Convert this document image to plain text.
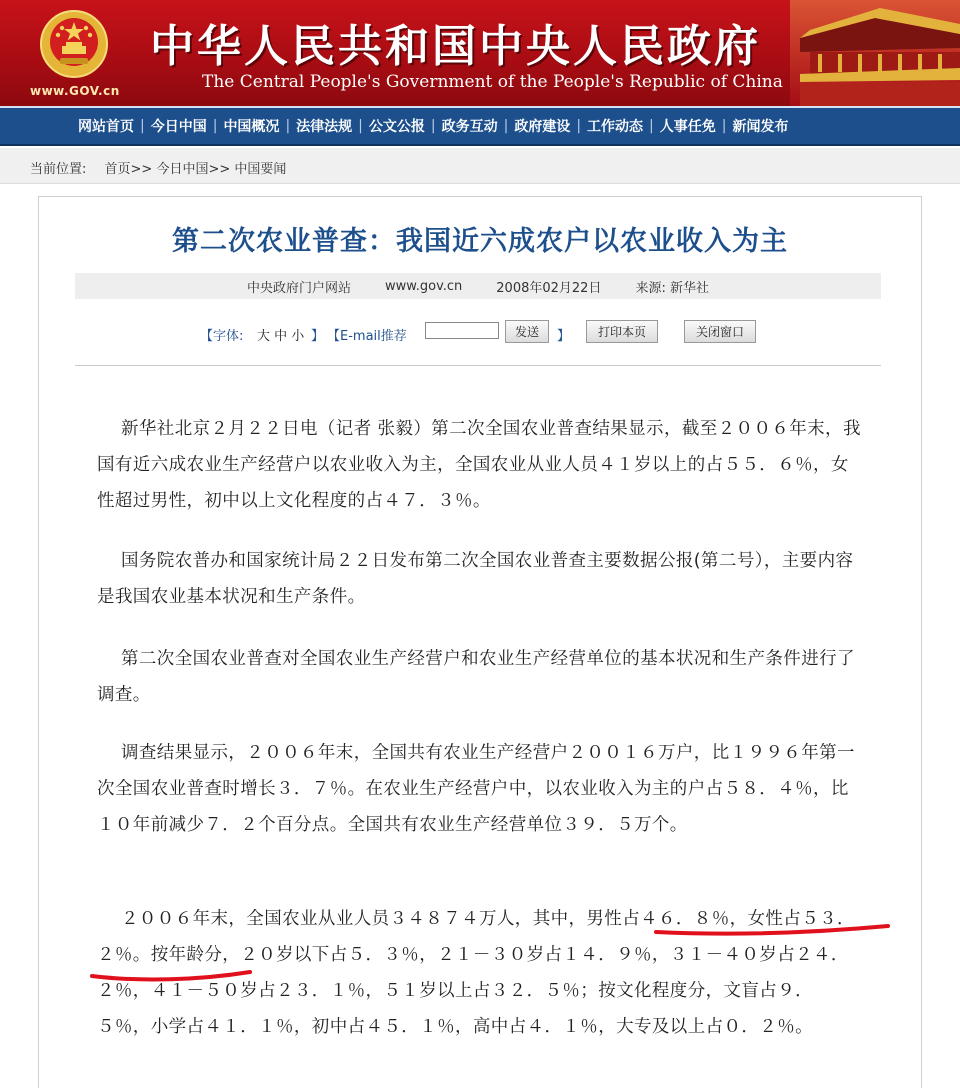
www.GOV.cn
中华人民共和国中央人民政府
The Central People's Government of the People's Republic of China
网站首页 | 今日中国 | 中国概况 | 法律法规 | 公文公报 | 政务互动 | 政府建设 | 工作动态 | 人事任免 | 新闻发布
当前位置: 首页>> 今日中国>> 中国要闻
第二次农业普查：我国近六成农户以农业收入为主
中央政府门户网站	www.gov.cn	2008年02月22日	来源: 新华社
【字体: 大 中 小 】 【E-mail推荐	发送	】	打印本页	关闭窗口
新华社北京２月２２日电（记者 张毅）第二次全国农业普查结果显示，截至２００６年末，我国有近六成农业生产经营户以农业收入为主，全国农业从业人员４１岁以上的占５５．６％，女性超过男性，初中以上文化程度的占４７．３％。
国务院农普办和国家统计局２２日发布第二次全国农业普查主要数据公报(第二号），主要内容是我国农业基本状况和生产条件。
第二次全国农业普查对全国农业生产经营户和农业生产经营单位的基本状况和生产条件进行了调查。
调查结果显示，２００６年末，全国共有农业生产经营户２００１６万户，比１９９６年第一次全国农业普查时增长３．７％。在农业生产经营户中，以农业收入为主的户占５８．４％，比１０年前减少７．２个百分点。全国共有农业生产经营单位３９．５万个。
２００６年末，全国农业从业人员３４８７４万人，其中，男性占４６．８％，女性占５３．２％。按年龄分，２０岁以下占５．３％，２１－３０岁占１４．９％，３１－４０岁占２４．２％，４１－５０岁占２３．１％，５１岁以上占３２．５％；按文化程度分，文盲占９．５％，小学占４１．１％，初中占４５．１％，高中占４．１％，大专及以上占０．２％。
